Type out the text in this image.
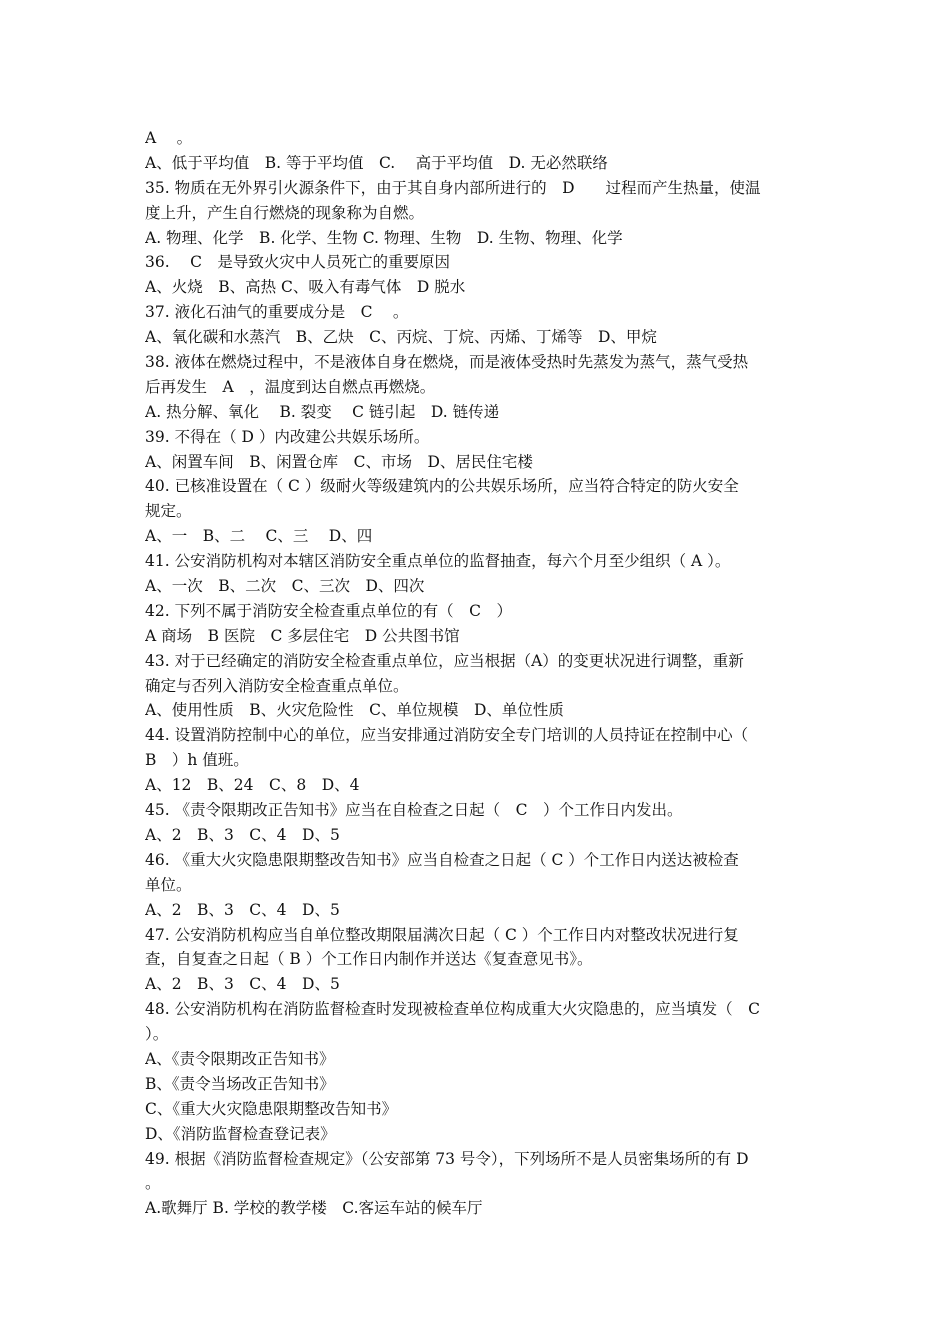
A　 。
A、低于平均值　B. 等于平均值　C.　 高于平均值　D. 无必然联络
35. 物质在无外界引火源条件下，由于其自身内部所进行的　D　　过程而产生热量，使温
度上升，产生自行燃烧的现象称为自燃。
A. 物理、化学　B. 化学、生物 C. 物理、生物　D. 生物、物理、化学
36.　 C　是导致火灾中人员死亡的重要原因
A、火烧　B、高热 C、吸入有毒气体　D 脱水
37. 液化石油气的重要成分是　C　 。
A、氧化碳和水蒸汽　B、乙炔　C、丙烷、丁烷、丙烯、丁烯等　D、甲烷
38. 液体在燃烧过程中，不是液体自身在燃烧，而是液体受热时先蒸发为蒸气，蒸气受热
后再发生　A　，温度到达自燃点再燃烧。
A. 热分解、氧化　 B. 裂变　 C 链引起　D. 链传递
39. 不得在（ D ）内改建公共娱乐场所。
A、闲置车间　B、闲置仓库　C、市场　D、居民住宅楼
40. 已核准设置在（ C ）级耐火等级建筑内的公共娱乐场所，应当符合特定的防火安全
规定。
A、一　B、二　 C、三　 D、四
41. 公安消防机构对本辖区消防安全重点单位的监督抽查，每六个月至少组织（ A ）。
A、一次　B、二次　C、三次　D、四次
42. 下列不属于消防安全检查重点单位的有（　C　）
A 商场　B 医院　C 多层住宅　D 公共图书馆
43. 对于已经确定的消防安全检查重点单位，应当根据（A）的变更状况进行调整，重新
确定与否列入消防安全检查重点单位。
A、使用性质　B、火灾危险性　C、单位规模　D、单位性质
44. 设置消防控制中心的单位，应当安排通过消防安全专门培训的人员持证在控制中心（
B　）h 值班。
A、12　B、24　C、8　D、4
45. 《责令限期改正告知书》应当在自检查之日起（　C　）个工作日内发出。
A、2　B、3　C、4　D、5
46. 《重大火灾隐患限期整改告知书》应当自检查之日起（ C ）个工作日内送达被检查
单位。
A、2　B、3　C、4　D、5
47. 公安消防机构应当自单位整改期限届满次日起（ C ）个工作日内对整改状况进行复
查，自复查之日起（ B ）个工作日内制作并送达《复查意见书》。
A、2　B、3　C、4　D、5
48. 公安消防机构在消防监督检查时发现被检查单位构成重大火灾隐患的，应当填发（　C
）。
A、《责令限期改正告知书》
B、《责令当场改正告知书》
C、《重大火灾隐患限期整改告知书》
D、《消防监督检查登记表》
49. 根据《消防监督检查规定》（公安部第 73 号令），下列场所不是人员密集场所的有 D
。
A.歌舞厅 B. 学校的教学楼　C.客运车站的候车厅
